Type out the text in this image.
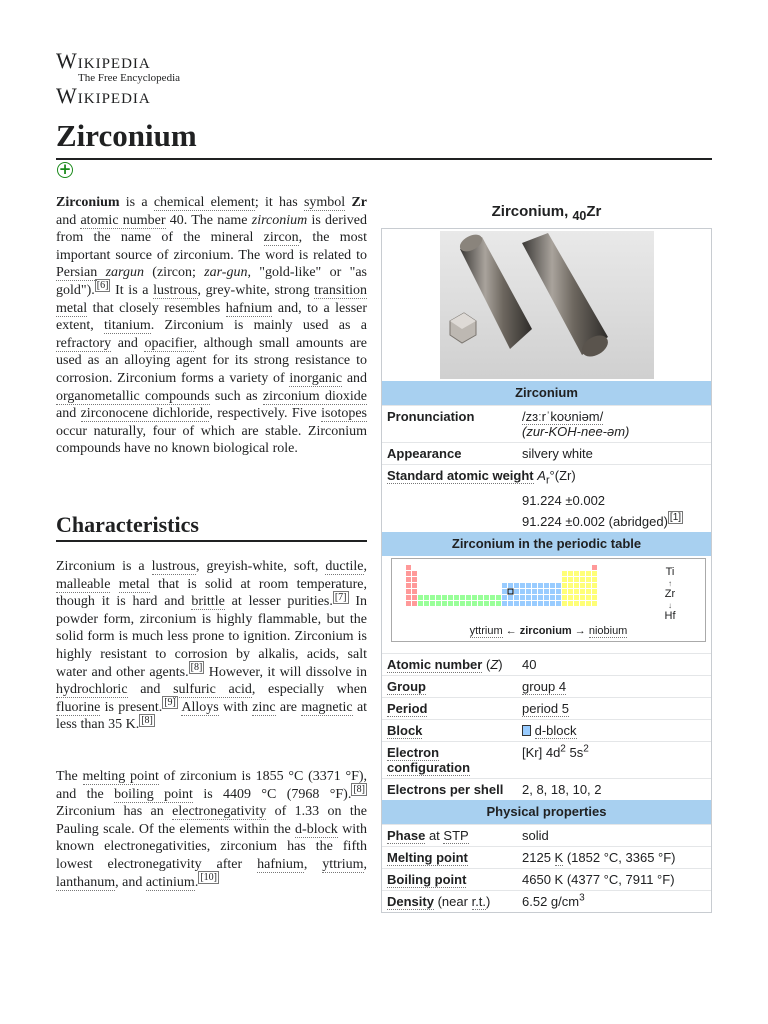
Wikipedia
The Free Encyclopedia
Wikipedia
Zirconium
+

Zirconium is a chemical element; it has symbol Zr and atomic number 40. The name zirconium is derived from the name of the mineral zircon, the most important source of zirconium. The word is related to Persian zargun (zircon; zar-gun, "gold-like" or "as gold"). [6] It is a lustrous, grey-white, strong transition metal that closely resembles hafnium and, to a lesser extent, titanium. Zirconium is mainly used as a refractory and opacifier, although small amounts are used as an alloying agent for its strong resistance to corrosion. Zirconium forms a variety of inorganic and organometallic compounds such as zirconium dioxide and zirconocene dichloride, respectively. Five isotopes occur naturally, four of which are stable. Zirconium compounds have no known biological role.

Characteristics

Zirconium is a lustrous, greyish-white, soft, ductile, malleable metal that is solid at room temperature, though it is hard and brittle at lesser purities. [7] In powder form, zirconium is highly flammable, but the solid form is much less prone to ignition. Zirconium is highly resistant to corrosion by alkalis, acids, salt water and other agents. [8] However, it will dissolve in hydrochloric and sulfuric acid, especially when fluorine is present. [9] Alloys with zinc are magnetic at less than 35 K. [8]

The melting point of zirconium is 1855 °C (3371 °F), and the boiling point is 4409 °C (7968 °F). [8] Zirconium has an electronegativity of 1.33 on the Pauling scale. Of the elements within the d-block with known electronegativities, zirconium has the fifth lowest electronegativity after hafnium, yttrium, lanthanum, and actinium. [10]

Zirconium, $_{40}$Zr
Zirconium
Pronunciation	/zɜːrˈkoʊniəm/
(zur-KOH-nee-əm)
Appearance	silvery white
Standard atomic weight $A_r^\circ(Zr)$
91.224 ±0.002
91.224 ±0.002 (abridged) [1]
Zirconium in the periodic table
Ti
↑
Zr
↓
Hf
yttrium ← zirconium → niobium
Atomic number (Z)	40
Group	group 4
Period	period 5
Block	d-block
Electron configuration
[Kr] $4d^2$ $5s^2$
Electrons per shell	2, 8, 18, 10, 2
Physical properties
Phase at STP	solid
Melting point	2125 K (1852 °C, 3365 °F)
Boiling point	4650 K (4377 °C, 7911 °F)
Density (near r.t.)	6.52 $g/cm^3$
